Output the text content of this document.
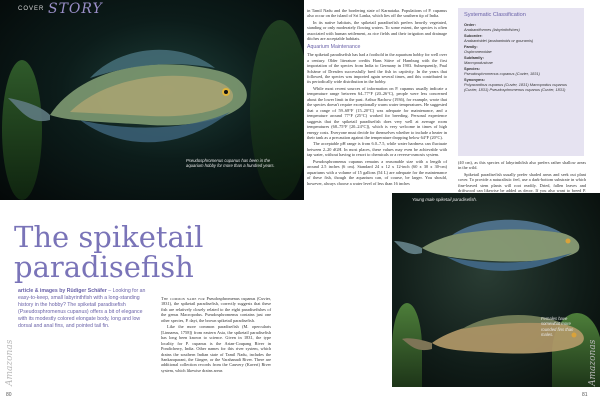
COVER STORY
Pseudosphromenus cupanus has been in the aquarium hobby for more than a hundred years.
The spiketail paradisefish
article & images by Rüdiger Schäfer – Looking for an easy-to-keep, small labyrinthfish with a long-standing history in the hobby? The spiketail paradisefish (Pseudosphromenus cupanus) offers a bit of elegance with its modestly colored elongate body, long and low dorsal and anal fins, and pointed tail fin.

The common name for Pseudosphromenus cupanus (Cuvier, 1831), the spiketail paradisefish, correctly suggests that these fish are relatively closely related to the eight paradisefishes of the genus Macropodus. Pseudosphromenus contains just one other species, P. dayi, the brown spiketail paradisefish.

Like the more common paradisefish (M. opercularis [Linnaeus, 1758]) from eastern Asia, the spiketail paradisefish has long been known to science. Given in 1831, the type locality for P. cupanus is the Arian-Coupang River in Pondicherry, India. Other names for this river system, which drains the southern Indian state of Tamil Nadu, includes the Sankaraparani, the Gingee, or the Varahanadi River. There are additional collection records from the Cauvery (Kaveri) River system, which likewise drains areas

in Tamil Nadu and the bordering state of Karnataka. Populations of P. cupanus also occur on the island of Sri Lanka, which lies off the southern tip of India.

In its native habitats, the spiketail paradisefish prefers heavily vegetated, standing or only moderately flowing waters. To some extent, the species is often associated with human settlement, as rice fields and their irrigation and drainage ditches are acceptable habitats.

Aquarium Maintenance

The spiketail paradisefish has had a foothold in the aquarium hobby for well over a century. Older literature credits Hans Stüve of Hamburg with the first importation of the species from India to Germany in 1903. Subsequently, Paul Schäme of Dresden successfully bred the fish in captivity. In the years that followed, the species was imported again several times, and this contributed to its periodically wide distribution in the hobby.

While most recent sources of information on P. cupanus usually indicate a temperature range between 64–77°F (20–26°C), people were less concerned about the lower limit in the past. Arthur Rachow (1936), for example, wrote that the species doesn't require exceptionally warm water temperatures. He suggested that a range of 59–68°F (15–20°C) was adequate for maintenance, and a temperature around 77°F (25°C) worked for breeding. Personal experience suggests that the spiketail paradisefish does very well at average room temperatures (68–75°F [20–24°C]), which is very welcome in times of high energy costs. Everyone must decide for themselves whether to include a heater in their tank as a precaution against the temperature dropping below 64°F (20°C).

The acceptable pH range is from 6.0–7.5, while water hardness can fluctuate between 2–20 dGH. In most places, these values may even be achievable with tap water, without having to resort to chemicals or a reverse-osmosis system.

Pseudosphromenus cupanus remains a reasonable size with a length of around 2.5 inches (6 cm). Standard 24 x 12 x 12-inch (60 x 30 x 30-cm) aquariums with a volume of 15 gallons (54 L) are adequate for the maintenance of these fish, though the aquarium can, of course, be larger. You should, however, always choose a water level of less than 16 inches

Systematic Classification
Order:
Anabantiformes (labyrinthfishes)
Suborder:
Anabantoidei (anabantoids or gouramis)
Family:
Osphronemidae
Subfamily:
Macropodusinae
Species:
Pseudosphromenus cupanus (Cuvier, 1831)
Synonyms:
Polyacanthus cupanus (Cuvier, 1831) Macropodus cupanus (Cuvier, 1831) Pseudosphromenus cupanus (Cuvier, 1831)

(40 cm), as this species of labyrinthfish also prefers rather shallow areas in the wild.

Spiketail paradisefish usually prefer shaded areas and seek out plant cover. To provide a naturalistic feel, use a dark-bottom substrate in which fine-leaved stem plants will root readily. Dried, fallen leaves and driftwood can likewise be added as decor. If you also want to breed P.

Young male spiketail paradisefish.
Females have somewhat more rounded fins than males.
80	81
Amazonas	Amazonas
